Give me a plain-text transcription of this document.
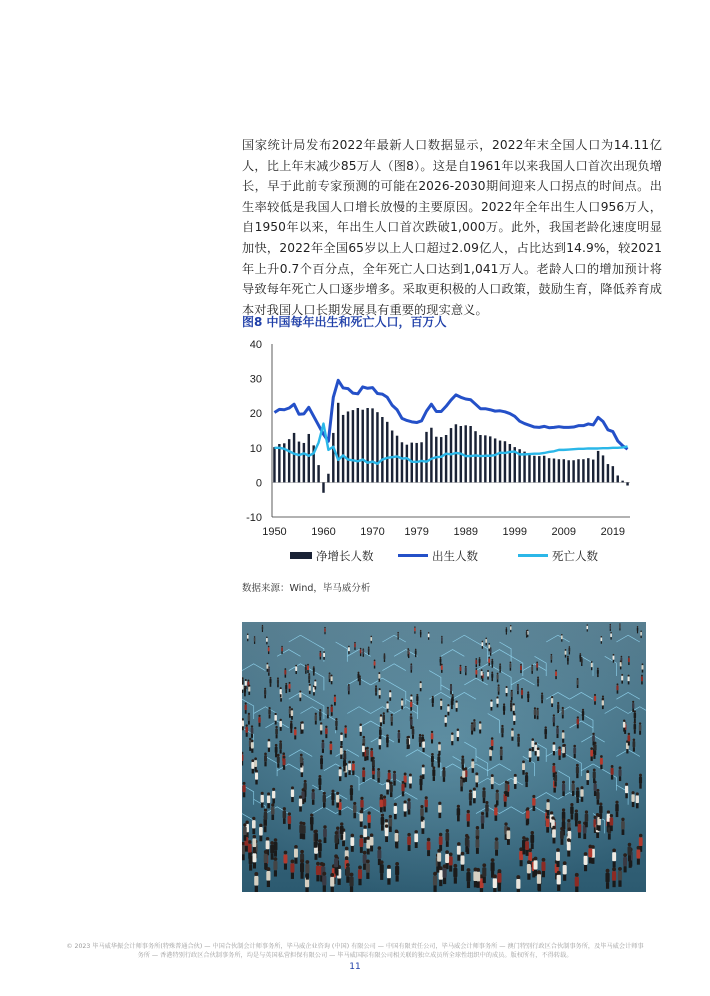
国家统计局发布2022年最新人口数据显示，2022年末全国人口为14.11亿人，比上年末减少85万人（图8）。这是自1961年以来我国人口首次出现负增长，早于此前专家预测的可能在2026-2030期间迎来人口拐点的时间点。出生率较低是我国人口增长放慢的主要原因。2022年全年出生人口956万人，自1950年以来，年出生人口首次跌破1,000万。此外，我国老龄化速度明显加快，2022年全国65岁以上人口超过2.09亿人，占比达到14.9%，较2021年上升0.7个百分点，全年死亡人口达到1,041万人。老龄人口的增加预计将导致每年死亡人口逐步增多。采取更积极的人口政策，鼓励生育，降低养育成本对我国人口长期发展具有重要的现实意义。

图8 中国每年出生和死亡人口，百万人

-10
0
10
20
30
40
1950 1960 1970 1979 1989 1999 2009 2019
净增长人数	出生人数	死亡人数

数据来源：Wind，毕马威分析

© 2023 毕马威华振会计师事务所(特殊普通合伙) — 中国合伙制会计师事务所，毕马威企业咨询 (中国) 有限公司 — 中国有限责任公司，毕马威会计师事务所 — 澳门特别行政区合伙制事务所，及毕马威会计师事务所 — 香港特别行政区合伙制事务所，均是与英国私营担保有限公司 — 毕马威国际有限公司相关联的独立成员所全球性组织中的成员。版权所有，不得转载。

11
